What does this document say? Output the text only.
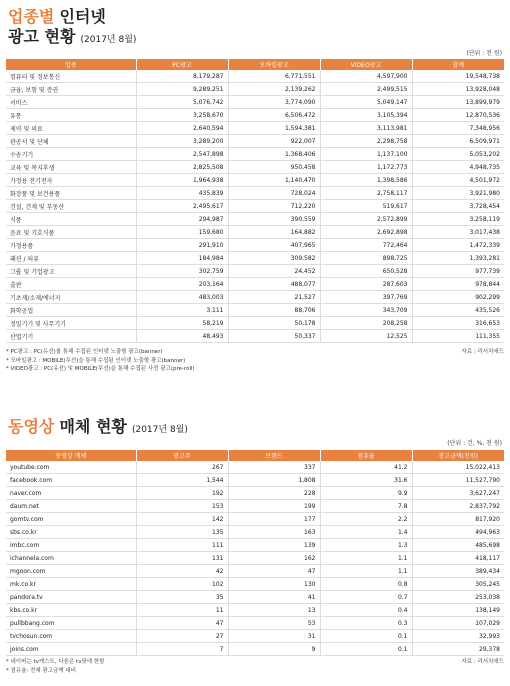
업종별 인터넷
광고 현황 (2017년 8월)
(단위 : 천 원)
업종	PC광고	모바일광고	VIDEO광고	합계
컴퓨터 및 정보통신	8,179,287	6,771,551	4,597,900	19,548,738
금융, 보험 및 증권	9,289,251	2,139,262	2,499,515	13,928,048
서비스	5,076,742	3,774,090	5,049,147	13,899,979
유통	3,258,670	6,506,472	3,105,394	12,870,536
제약 및 의료	2,640,594	1,594,381	3,113,981	7,348,956
관공서 및 단체	3,289,200	922,007	2,298,758	6,509,971
수송기기	2,547,898	1,368,406	1,137,100	5,053,202
교육 및 복지후생	2,825,508	950,458	1,172,773	4,948,735
가정용 전기전자	1,964,938	1,140,470	1,398,586	4,501,972
화장품 및 보건용품	435,839	728,024	2,758,117	3,921,980
건설, 건재 및 부동산	2,495,617	712,220	519,617	3,728,454
식품	294,987	390,559	2,572,899	3,258,119
음료 및 기호식품	159,680	164,882	2,692,898	3,017,438
가정용품	291,910	407,965	772,464	1,472,339
패션 / 의류	184,984	309,582	898,725	1,393,281
그룹 및 기업광고	302,759	24,452	650,528	977,739
출판	203,164	488,077	287,603	978,844
기초재/소재/에너지	483,003	21,527	397,769	902,299
화학공업	3,111	88,706	343,709	435,526
정밀기기 및 사무기기	58,219	50,178	208,258	316,653
산업기기	48,493	50,337	12,525	111,355
* PC광고 : PC(유선)를 통해 수집된 인터넷 노출형 광고(banner)
* 모바일광고 : MOBILE(무선)을 통해 수집된 인터넷 노출형 광고(banner)
* VIDEO광고 : PC(유선) 및 MOBILE(무선)을 통해 수집된 사전 광고(pre-roll)
자료 : 리서치애드
동영상 매체 현황 (2017년 8월)
(단위 : 건, %, 천 원)
동영상 매체	광고주	브랜드	점유율	광고금액(천원)
youtube.com	267	337	41.2	15,022,413
facebook.com	1,544	1,808	31.6	11,527,790
naver.com	192	228	9.9	3,627,247
daum.net	153	199	7.8	2,837,792
gomtv.com	142	177	2.2	817,920
sbs.co.kr	135	163	1.4	494,963
imbc.com	111	139	1.3	485,698
ichannela.com	131	162	1.1	418,117
mgoon.com	42	47	1.1	389,434
mk.co.kr	102	130	0.8	305,245
pandora.tv	35	41	0.7	253,038
kbs.co.kr	11	13	0.4	138,149
pullbbang.com	47	53	0.3	107,029
tvchosun.com	27	31	0.1	32,993
joins.com	7	9	0.1	29,378
* 네이버는 tv캐스트, 다음은 tv팟에 한함
* 점유율: 전체 광고금액 대비
자료 : 리서치애드
